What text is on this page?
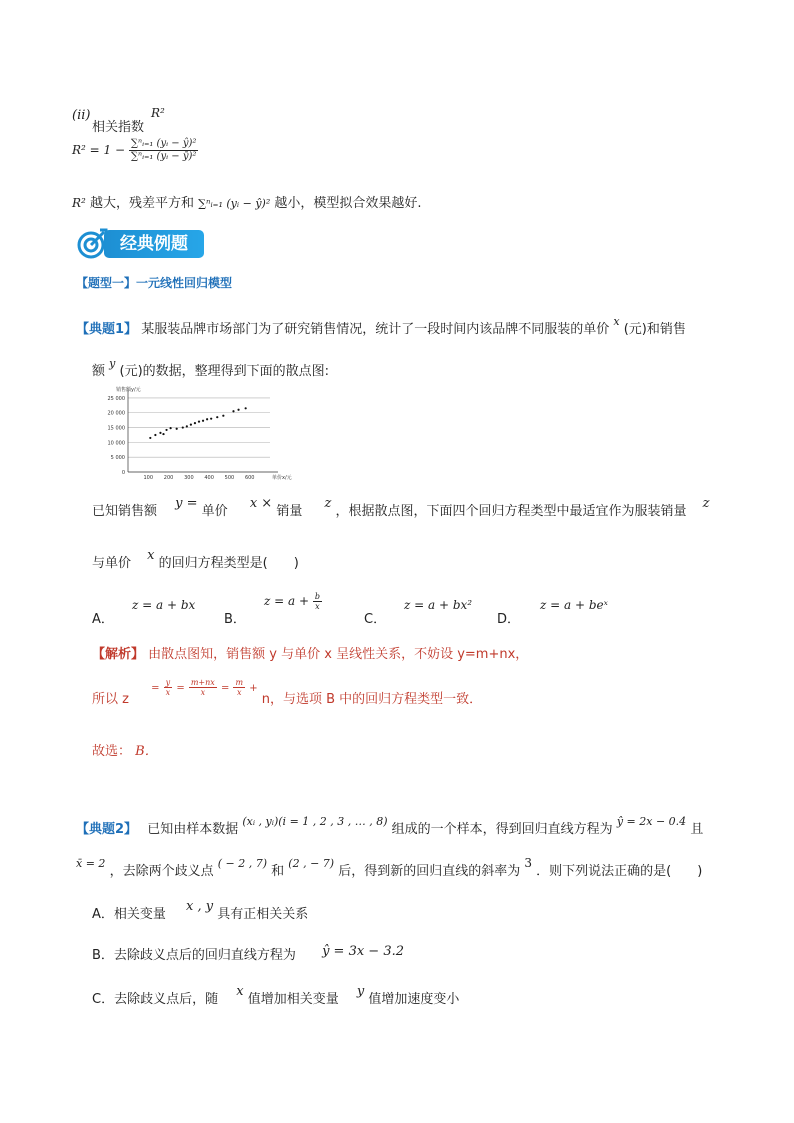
(ii)
相关指数
R²
$R^2 = 1 - \frac{\text{∑ⁿᵢ₌₁ (yᵢ − ŷ)²}}{\text{∑ⁿᵢ₌₁ (yᵢ − ȳ)²}}$
R² 越大，残差平方和 ∑ⁿᵢ₌₁ (yᵢ − ŷ)² 越小，模型拟合效果越好.
经典例题
【题型一】一元线性回归模型
【典题1】 某服装品牌市场部门为了研究销售情况，统计了一段时间内该品牌不同服装的单价 $^x$ (元)和销售
额 $^y$ (元)的数据，整理得到下面的散点图:
0
5 000
10 000
15 000
20 000
25 000
100 200 300 400 500 600
销售额y/元
单价x/元
已知销售额 y = 单价 x × 销量 z ，根据散点图，下面四个回归方程类型中最适宜作为服装销量 z
与单价 x 的回归方程类型是(　　)
A．
z = a + bx
B．
$z = a + \frac{b}{x}$
C．
z = a + bx²
D．
z = a + beˣ
【解析】 由散点图知，销售额 y 与单价 x 呈线性关系，不妨设 y=m+nx，
所以 z $^= \frac{y}{x} ^= \frac{m+nx}{x} ^= \frac{m}{x} ^+$ n，与选项 B 中的回归方程类型一致．
故选： B．
【典题2】 已知由样本数据 $^{(xᵢ , yᵢ)(i = 1 , 2 , 3 , \dots , 8)}$ 组成的一个样本，得到回归直线方程为 $^{ŷ = 2x - 0.4}$ 且
$^{x̄ = 2}$ ，去除两个歧义点 $^{( - 2 , 7)}$ 和 $^{(2 , - 7)}$ 后，得到新的回归直线的斜率为 3 ．则下列说法正确的是(　　)
A．相关变量 x , y 具有正相关关系
B．去除歧义点后的回归直线方程为 ŷ = 3x − 3.2
C．去除歧义点后，随 x 值增加相关变量 y 值增加速度变小
